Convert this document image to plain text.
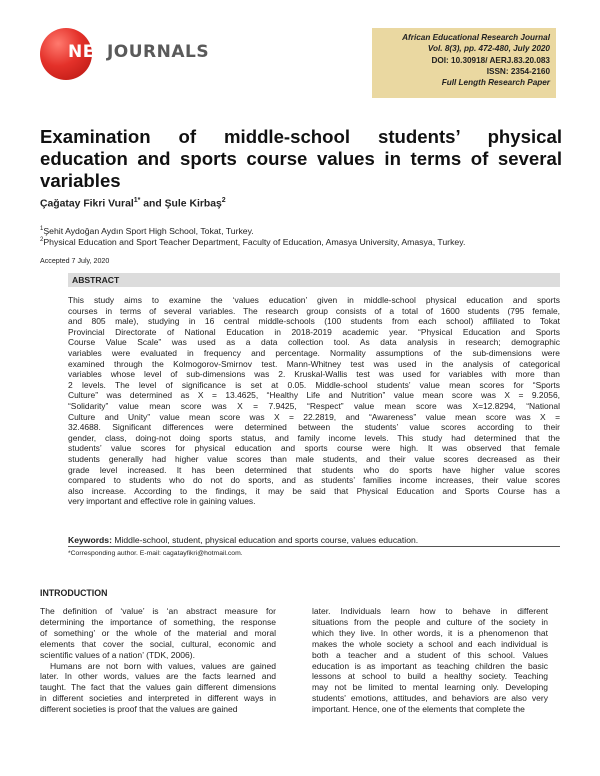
NETJOURNALS
African Educational Research Journal
Vol. 8(3), pp. 472-480, July 2020
DOI: 10.30918/ AERJ.83.20.083
ISSN: 2354-2160
Full Length Research Paper
Examination of middle-school students’ physical education and sports course values in terms of several variables
Çağatay Fikri Vural$^{1*}$ and Şule Kirbaş$^2$
$^1$Şehit Aydoğan Aydın Sport High School, Tokat, Turkey.
$^2$Physical Education and Sport Teacher Department, Faculty of Education, Amasya University, Amasya, Turkey.
Accepted 7 July, 2020
ABSTRACT
This study aims to examine the ‘values education’ given in middle-school physical education and sports
courses in terms of several variables. The research group consists of a total of 1600 students (795 female,
and 805 male), studying in 16 central middle-schools (100 students from each school) affiliated to Tokat
Provincial Directorate of National Education in 2018-2019 academic year. “Physical Education and Sports
Course Value Scale” was used as a data collection tool. As data analysis in research; demographic
variables were evaluated in frequency and percentage. Normality assumptions of the sub-dimensions were
examined through the Kolmogorov-Smirnov test. Mann-Whitney test was used in the analysis of categorical
variables whose level of sub-dimensions was 2. Kruskal-Wallis test was used for variables with more than
2 levels. The level of significance is set at 0.05. Middle-school students’ value mean scores for “Sports
Culture” was determined as X = 13.4625, “Healthy Life and Nutrition” value mean score was X = 9.2056,
“Solidarity” value mean score was X = 7.9425, “Respect” value mean score was X=12.8294, “National
Culture and Unity” value mean score was X = 22.2819, and “Awareness” value mean score was X =
32.4688. Significant differences were determined between the students’ value scores according to their
gender, class, doing-not doing sports status, and family income levels. This study had determined that the
students’ value scores for physical education and sports course were high. It was observed that female
students generally had higher value scores than male students, and their value scores decreased as their
grade level increased. It has been determined that students who do sports have higher value scores
compared to students who do not do sports, and as students’ families income increases, their value scores
also increase. According to the findings, it may be said that Physical Education and Sports Course has a
very important and effective role in gaining values.
Keywords: Middle-school, student, physical education and sports course, values education.
*Corresponding author. E-mail: cagatayfikri@hotmail.com.
INTRODUCTION
The definition of ‘value’ is ‘an abstract measure for
determining the importance of something, the response
of something’ or the whole of the material and moral
elements that cover the social, cultural, economic and
scientific values of a nation’ (TDK, 2006).
Humans are not born with values, values are gained
later. In other words, values are the facts learned and
taught. The fact that the values gain different dimensions
in different societies and interpreted in different ways in
different societies is proof that the values are gained
later. Individuals learn how to behave in different
situations from the people and culture of the society in
which they live. In other words, it is a phenomenon that
makes the whole society a school and each individual is
both a teacher and a student of this school. Values
education is as important as teaching children the basic
lessons at school to build a healthy society. Teaching
may not be limited to mental learning only. Developing
students' emotions, attitudes, and behaviors are also very
important. Hence, one of the elements that complete the
